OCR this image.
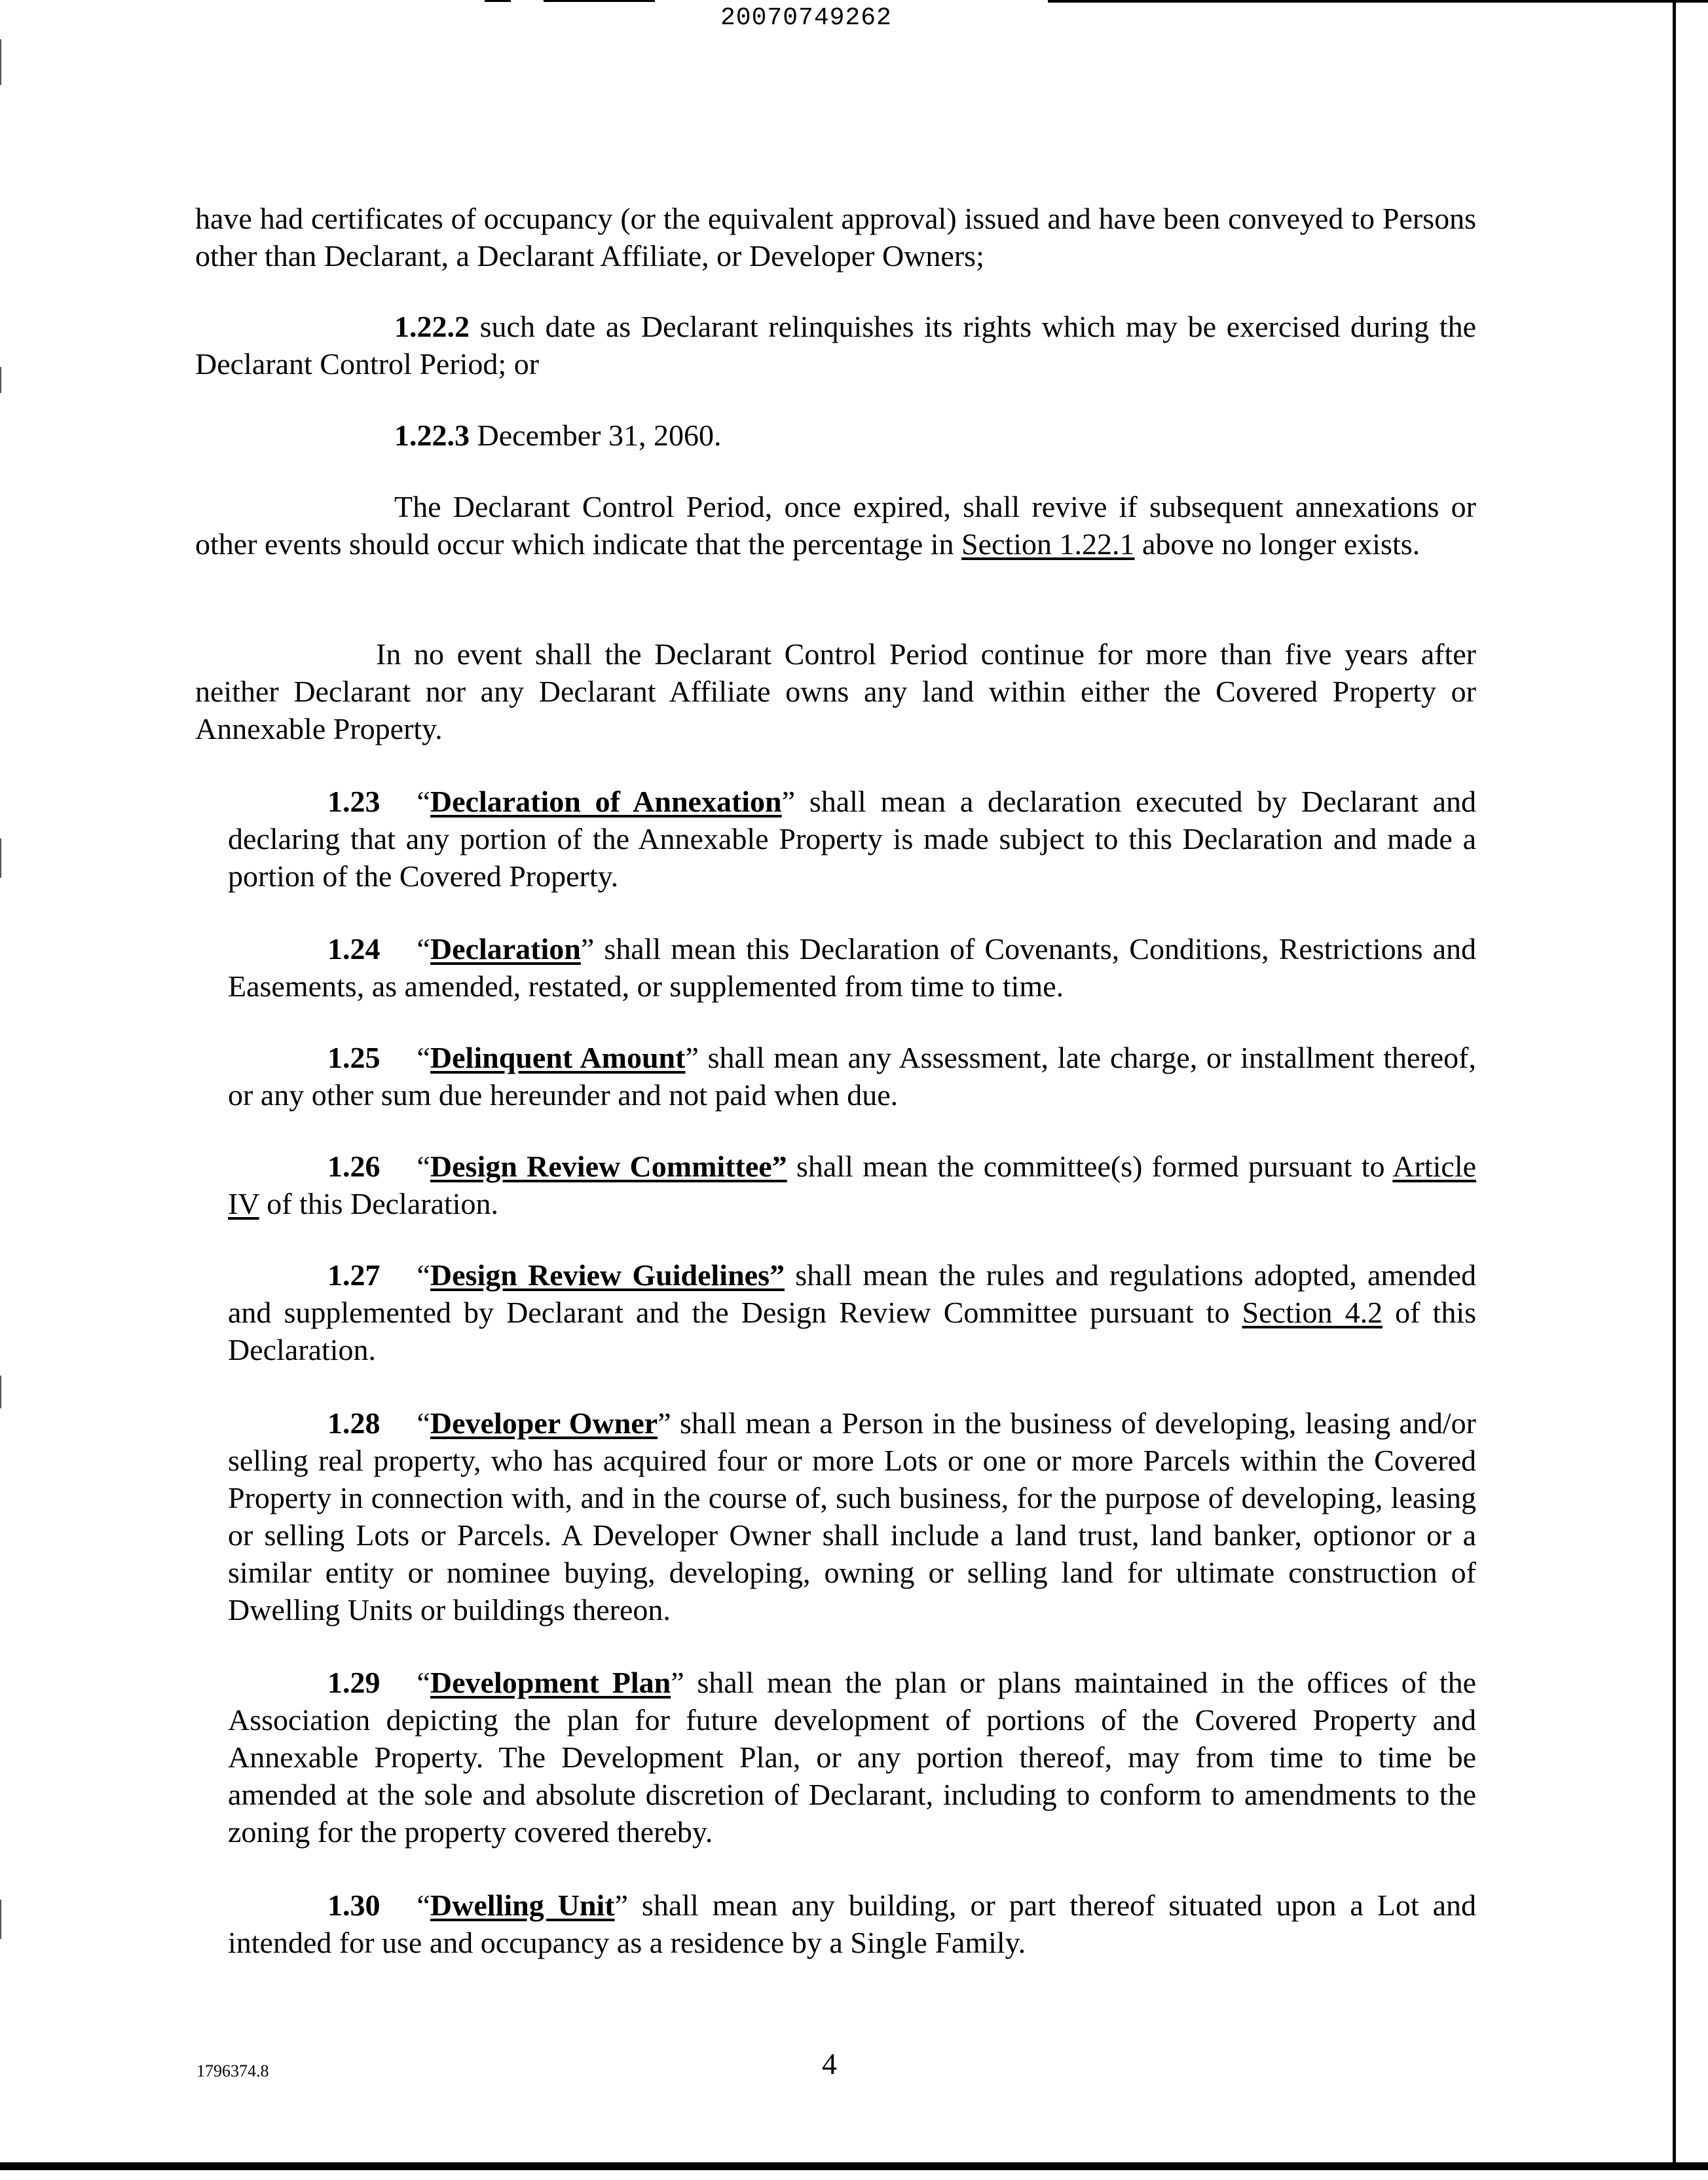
20070749262

have had certificates of occupancy (or the equivalent approval) issued and have been conveyed to Persons other than Declarant, a Declarant Affiliate, or Developer Owners;

1.22.2 such date as Declarant relinquishes its rights which may be exercised during the Declarant Control Period; or

1.22.3 December 31, 2060.

The Declarant Control Period, once expired, shall revive if subsequent annexations or other events should occur which indicate that the percentage in Section 1.22.1 above no longer exists.

In no event shall the Declarant Control Period continue for more than five years after neither Declarant nor any Declarant Affiliate owns any land within either the Covered Property or Annexable Property.

1.23 “Declaration of Annexation” shall mean a declaration executed by Declarant and declaring that any portion of the Annexable Property is made subject to this Declaration and made a portion of the Covered Property.

1.24 “Declaration” shall mean this Declaration of Covenants, Conditions, Restrictions and Easements, as amended, restated, or supplemented from time to time.

1.25 “Delinquent Amount” shall mean any Assessment, late charge, or installment thereof, or any other sum due hereunder and not paid when due.

1.26 “Design Review Committee” shall mean the committee(s) formed pursuant to Article IV of this Declaration.

1.27 “Design Review Guidelines” shall mean the rules and regulations adopted, amended and supplemented by Declarant and the Design Review Committee pursuant to Section 4.2 of this Declaration.

1.28 “Developer Owner” shall mean a Person in the business of developing, leasing and/or selling real property, who has acquired four or more Lots or one or more Parcels within the Covered Property in connection with, and in the course of, such business, for the purpose of developing, leasing or selling Lots or Parcels. A Developer Owner shall include a land trust, land banker, optionor or a similar entity or nominee buying, developing, owning or selling land for ultimate construction of Dwelling Units or buildings thereon.

1.29 “Development Plan” shall mean the plan or plans maintained in the offices of the Association depicting the plan for future development of portions of the Covered Property and Annexable Property. The Development Plan, or any portion thereof, may from time to time be amended at the sole and absolute discretion of Declarant, including to conform to amendments to the zoning for the property covered thereby.

1.30 “Dwelling Unit” shall mean any building, or part thereof situated upon a Lot and intended for use and occupancy as a residence by a Single Family.

1796374.8	4
